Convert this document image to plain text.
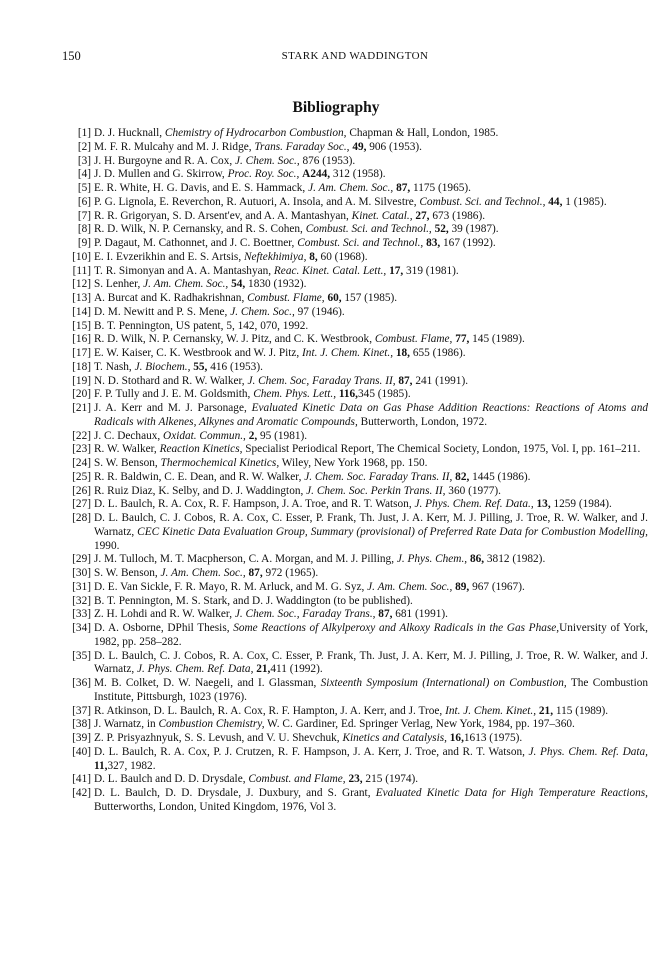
150	STARK AND WADDINGTON
Bibliography
[1] D. J. Hucknall, Chemistry of Hydrocarbon Combustion, Chapman & Hall, London, 1985.
[2] M. F. R. Mulcahy and M. J. Ridge, Trans. Faraday Soc., 49, 906 (1953).
[3] J. H. Burgoyne and R. A. Cox, J. Chem. Soc., 876 (1953).
[4] J. D. Mullen and G. Skirrow, Proc. Roy. Soc., A244, 312 (1958).
[5] E. R. White, H. G. Davis, and E. S. Hammack, J. Am. Chem. Soc., 87, 1175 (1965).
[6] P. G. Lignola, E. Reverchon, R. Autuori, A. Insola, and A. M. Silvestre, Combust. Sci. and Technol., 44, 1 (1985).
[7] R. R. Grigoryan, S. D. Arsent'ev, and A. A. Mantashyan, Kinet. Catal., 27, 673 (1986).
[8] R. D. Wilk, N. P. Cernansky, and R. S. Cohen, Combust. Sci. and Technol., 52, 39 (1987).
[9] P. Dagaut, M. Cathonnet, and J. C. Boettner, Combust. Sci. and Technol., 83, 167 (1992).
[10] E. I. Evzerikhin and E. S. Artsis, Neftekhimiya, 8, 60 (1968).
[11] T. R. Simonyan and A. A. Mantashyan, Reac. Kinet. Catal. Lett., 17, 319 (1981).
[12] S. Lenher, J. Am. Chem. Soc., 54, 1830 (1932).
[13] A. Burcat and K. Radhakrishnan, Combust. Flame, 60, 157 (1985).
[14] D. M. Newitt and P. S. Mene, J. Chem. Soc., 97 (1946).
[15] B. T. Pennington, US patent, 5, 142, 070, 1992.
[16] R. D. Wilk, N. P. Cernansky, W. J. Pitz, and C. K. Westbrook, Combust. Flame, 77, 145 (1989).
[17] E. W. Kaiser, C. K. Westbrook and W. J. Pitz, Int. J. Chem. Kinet., 18, 655 (1986).
[18] T. Nash, J. Biochem., 55, 416 (1953).
[19] N. D. Stothard and R. W. Walker, J. Chem. Soc, Faraday Trans. II, 87, 241 (1991).
[20] F. P. Tully and J. E. M. Goldsmith, Chem. Phys. Lett., 116,345 (1985).
[21] J. A. Kerr and M. J. Parsonage, Evaluated Kinetic Data on Gas Phase Addition Reactions: Reactions of Atoms and Radicals with Alkenes, Alkynes and Aromatic Compounds, Butterworth, London, 1972.
[22] J. C. Dechaux, Oxidat. Commun., 2, 95 (1981).
[23] R. W. Walker, Reaction Kinetics, Specialist Periodical Report, The Chemical Society, London, 1975, Vol. I, pp. 161–211.
[24] S. W. Benson, Thermochemical Kinetics, Wiley, New York 1968, pp. 150.
[25] R. R. Baldwin, C. E. Dean, and R. W. Walker, J. Chem. Soc. Faraday Trans. II, 82, 1445 (1986).
[26] R. Ruiz Diaz, K. Selby, and D. J. Waddington, J. Chem. Soc. Perkin Trans. II, 360 (1977).
[27] D. L. Baulch, R. A. Cox, R. F. Hampson, J. A. Troe, and R. T. Watson, J. Phys. Chem. Ref. Data., 13, 1259 (1984).
[28] D. L. Baulch, C. J. Cobos, R. A. Cox, C. Esser, P. Frank, Th. Just, J. A. Kerr, M. J. Pilling, J. Troe, R. W. Walker, and J. Warnatz, CEC Kinetic Data Evaluation Group, Summary (provisional) of Preferred Rate Data for Combustion Modelling, 1990.
[29] J. M. Tulloch, M. T. Macpherson, C. A. Morgan, and M. J. Pilling, J. Phys. Chem., 86, 3812 (1982).
[30] S. W. Benson, J. Am. Chem. Soc., 87, 972 (1965).
[31] D. E. Van Sickle, F. R. Mayo, R. M. Arluck, and M. G. Syz, J. Am. Chem. Soc., 89, 967 (1967).
[32] B. T. Pennington, M. S. Stark, and D. J. Waddington (to be published).
[33] Z. H. Lohdi and R. W. Walker, J. Chem. Soc., Faraday Trans., 87, 681 (1991).
[34] D. A. Osborne, DPhil Thesis, Some Reactions of Alkylperoxy and Alkoxy Radicals in the Gas Phase,University of York, 1982, pp. 258–282.
[35] D. L. Baulch, C. J. Cobos, R. A. Cox, C. Esser, P. Frank, Th. Just, J. A. Kerr, M. J. Pilling, J. Troe, R. W. Walker, and J. Warnatz, J. Phys. Chem. Ref. Data, 21,411 (1992).
[36] M. B. Colket, D. W. Naegeli, and I. Glassman, Sixteenth Symposium (International) on Combustion, The Combustion Institute, Pittsburgh, 1023 (1976).
[37] R. Atkinson, D. L. Baulch, R. A. Cox, R. F. Hampton, J. A. Kerr, and J. Troe, Int. J. Chem. Kinet., 21, 115 (1989).
[38] J. Warnatz, in Combustion Chemistry, W. C. Gardiner, Ed. Springer Verlag, New York, 1984, pp. 197–360.
[39] Z. P. Prisyazhnyuk, S. S. Levush, and V. U. Shevchuk, Kinetics and Catalysis, 16,1613 (1975).
[40] D. L. Baulch, R. A. Cox, P. J. Crutzen, R. F. Hampson, J. A. Kerr, J. Troe, and R. T. Watson, J. Phys. Chem. Ref. Data, 11,327, 1982.
[41] D. L. Baulch and D. D. Drysdale, Combust. and Flame, 23, 215 (1974).
[42] D. L. Baulch, D. D. Drysdale, J. Duxbury, and S. Grant, Evaluated Kinetic Data for High Temperature Reactions, Butterworths, London, United Kingdom, 1976, Vol 3.
